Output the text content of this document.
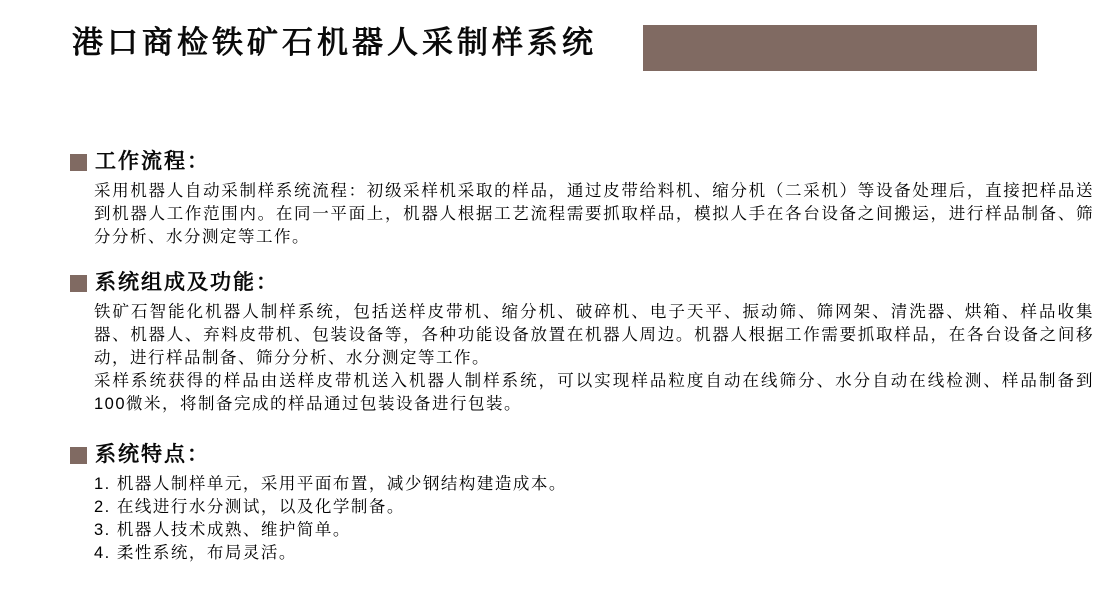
港口商检铁矿石机器人采制样系统
工作流程：

采用机器人自动采制样系统流程：初级采样机采取的样品，通过皮带给料机、缩分机（二采机）等设备处理后，直接把样品送到机器人工作范围内。在同一平面上，机器人根据工艺流程需要抓取样品，模拟人手在各台设备之间搬运，进行样品制备、筛分分析、水分测定等工作。

系统组成及功能：

铁矿石智能化机器人制样系统，包括送样皮带机、缩分机、破碎机、电子天平、振动筛、筛网架、清洗器、烘箱、样品收集器、机器人、弃料皮带机、包装设备等，各种功能设备放置在机器人周边。机器人根据工作需要抓取样品，在各台设备之间移动，进行样品制备、筛分分析、水分测定等工作。

采样系统获得的样品由送样皮带机送入机器人制样系统，可以实现样品粒度自动在线筛分、水分自动在线检测、样品制备到100微米，将制备完成的样品通过包装设备进行包装。

系统特点：
1. 机器人制样单元，采用平面布置，减少钢结构建造成本。
2. 在线进行水分测试，以及化学制备。
3. 机器人技术成熟、维护简单。
4. 柔性系统，布局灵活。
